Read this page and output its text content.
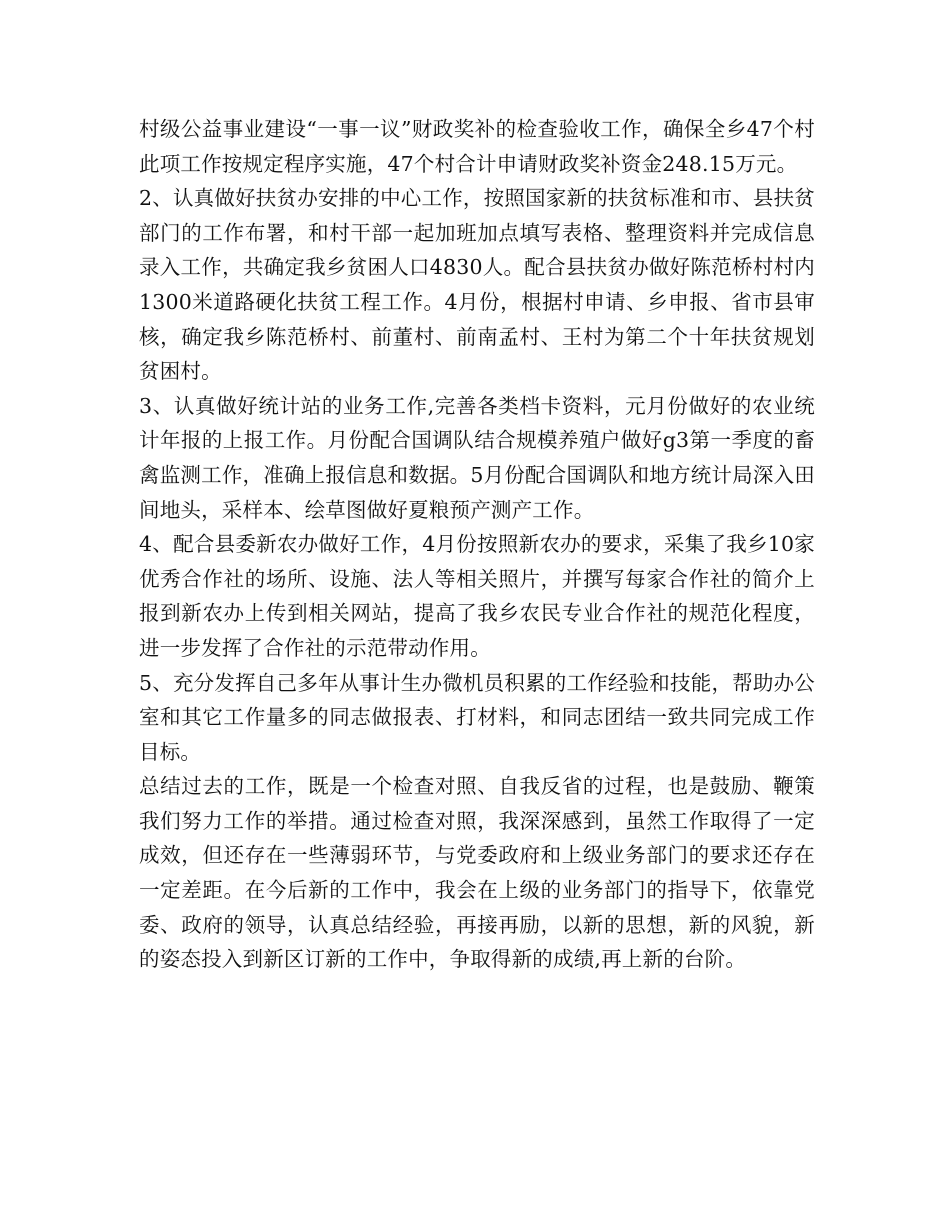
村级公益事业建设“一事一议”财政奖补的检查验收工作，确保全乡47个村此项工作按规定程序实施，47个村合计申请财政奖补资金248.15万元。

2、认真做好扶贫办安排的中心工作，按照国家新的扶贫标准和市、县扶贫部门的工作布署，和村干部一起加班加点填写表格、整理资料并完成信息录入工作，共确定我乡贫困人口4830人。配合县扶贫办做好陈范桥村村内1300米道路硬化扶贫工程工作。4月份，根据村申请、乡申报、省市县审核，确定我乡陈范桥村、前董村、前南孟村、王村为第二个十年扶贫规划贫困村。

3、认真做好统计站的业务工作,完善各类档卡资料，元月份做好的农业统计年报的上报工作。月份配合国调队结合规模养殖户做好g3第一季度的畜禽监测工作，准确上报信息和数据。5月份配合国调队和地方统计局深入田间地头，采样本、绘草图做好夏粮预产测产工作。

4、配合县委新农办做好工作，4月份按照新农办的要求，采集了我乡10家优秀合作社的场所、设施、法人等相关照片，并撰写每家合作社的简介上报到新农办上传到相关网站，提高了我乡农民专业合作社的规范化程度，进一步发挥了合作社的示范带动作用。

5、充分发挥自己多年从事计生办微机员积累的工作经验和技能，帮助办公室和其它工作量多的同志做报表、打材料，和同志团结一致共同完成工作目标。

总结过去的工作，既是一个检查对照、自我反省的过程，也是鼓励、鞭策我们努力工作的举措。通过检查对照，我深深感到，虽然工作取得了一定成效，但还存在一些薄弱环节，与党委政府和上级业务部门的要求还存在一定差距。在今后新的工作中，我会在上级的业务部门的指导下，依靠党委、政府的领导，认真总结经验，再接再励，以新的思想，新的风貌，新的姿态投入到新区订新的工作中，争取得新的成绩,再上新的台阶。
